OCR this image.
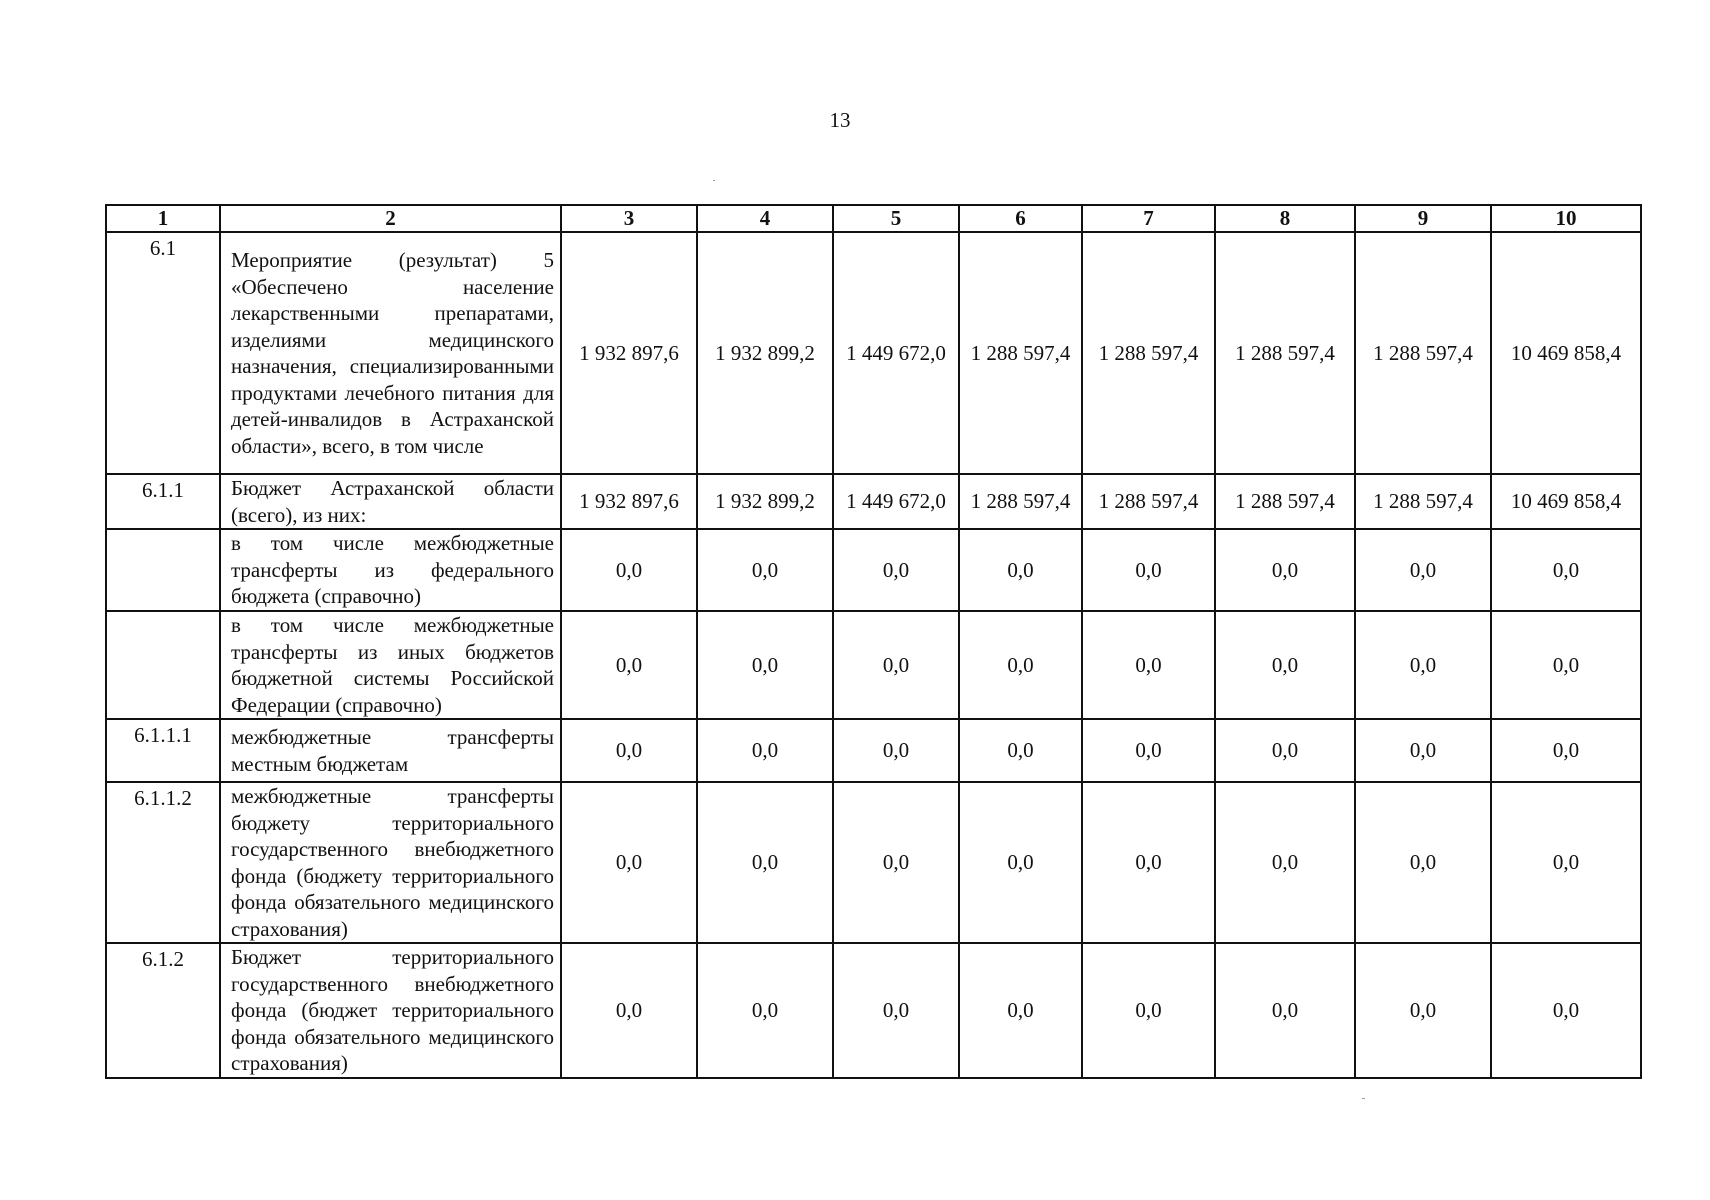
13
1	2	3	4	5	6	7	8	9	10
6.1	Мероприятие (результат) 5 «Обеспечено население лекарственными препаратами, изделиями медицинского назначения, специализированными продуктами лечебного питания для детей-инвалидов в Астраханской области», всего, в том числе	1 932 897,6	1 932 899,2	1 449 672,0	1 288 597,4	1 288 597,4	1 288 597,4	1 288 597,4	10 469 858,4
6.1.1	Бюджет Астраханской области (всего), из них:	1 932 897,6	1 932 899,2	1 449 672,0	1 288 597,4	1 288 597,4	1 288 597,4	1 288 597,4	10 469 858,4
	в том числе межбюджетные трансферты из федерального бюджета (справочно)	0,0	0,0	0,0	0,0	0,0	0,0	0,0	0,0
	в том числе межбюджетные трансферты из иных бюджетов бюджетной системы Российской Федерации (справочно)	0,0	0,0	0,0	0,0	0,0	0,0	0,0	0,0
6.1.1.1	межбюджетные трансферты местным бюджетам	0,0	0,0	0,0	0,0	0,0	0,0	0,0	0,0
6.1.1.2	межбюджетные трансферты бюджету территориального государственного внебюджетного фонда (бюджету территориального фонда обязательного медицинского страхования)	0,0	0,0	0,0	0,0	0,0	0,0	0,0	0,0
6.1.2	Бюджет территориального государственного внебюджетного фонда (бюджет территориального фонда обязательного медицинского страхования)	0,0	0,0	0,0	0,0	0,0	0,0	0,0	0,0
